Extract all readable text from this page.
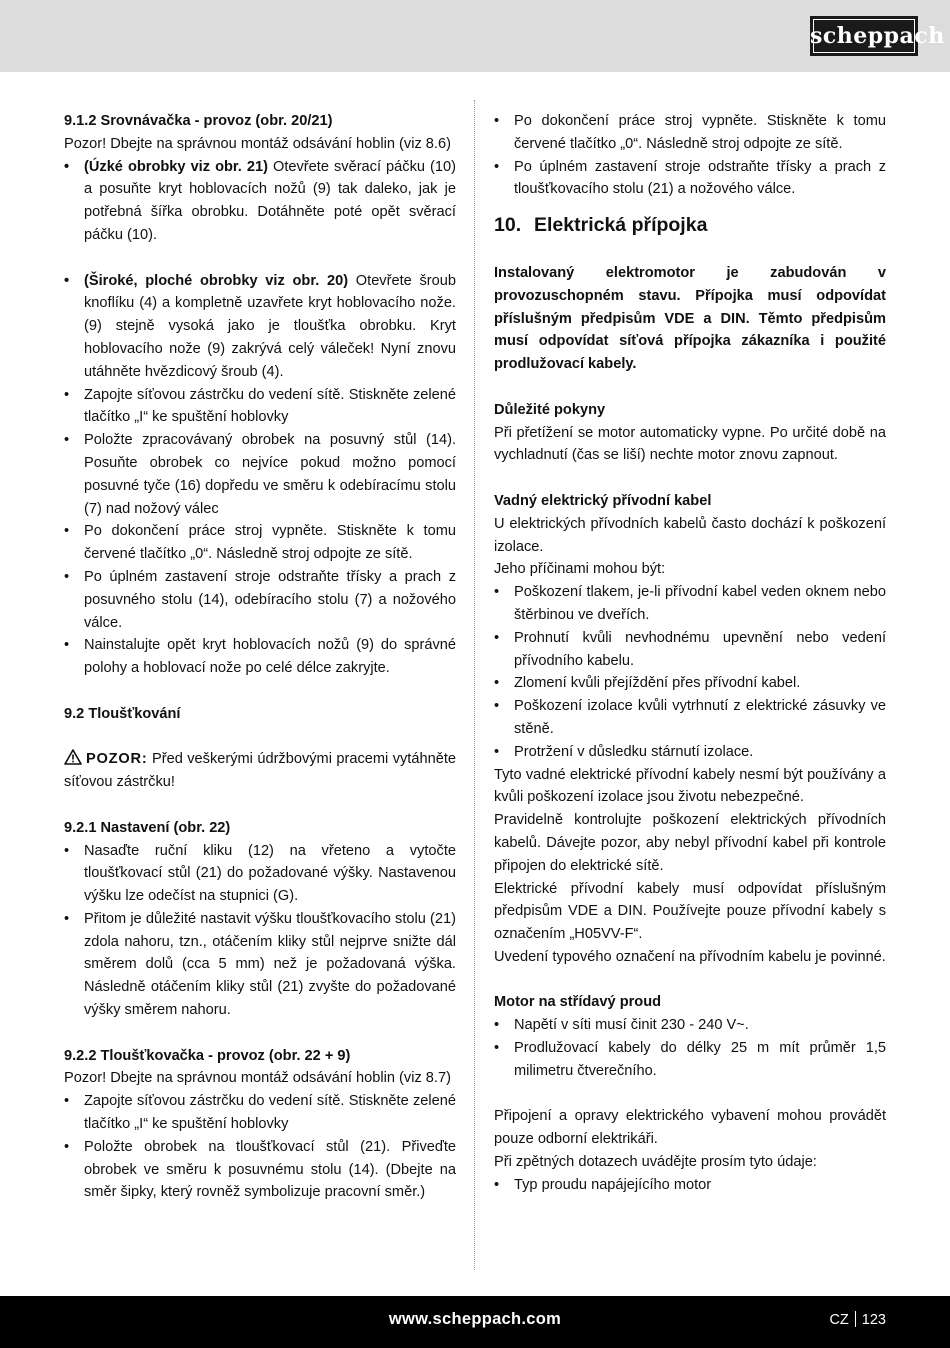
scheppach

9.1.2 Srovnávačka - provoz (obr. 20/21)

Pozor! Dbejte na správnou montáž odsávání hoblin (viz 8.6)

• (Úzké obrobky viz obr. 21) Otevřete svěrací páčku (10) a posuňte kryt hoblovacích nožů (9) tak daleko, jak je potřebná šířka obrobku. Dotáhněte poté opět svěrací páčku (10).
• (Široké, ploché obrobky viz obr. 20) Otevřete šroub knoflíku (4) a kompletně uzavřete kryt hoblovacího nože. (9) stejně vysoká jako je tloušťka obrobku. Kryt hoblovacího nože (9) zakrývá celý váleček! Nyní znovu utáhněte hvězdicový šroub (4).
• Zapojte síťovou zástrčku do vedení sítě. Stiskněte zelené tlačítko „I“ ke spuštění hoblovky
• Položte zpracovávaný obrobek na posuvný stůl (14). Posuňte obrobek co nejvíce pokud možno pomocí posuvné tyče (16) dopředu ve směru k odebíracímu stolu (7) nad nožový válec
• Po dokončení práce stroj vypněte. Stiskněte k tomu červené tlačítko „0“. Následně stroj odpojte ze sítě.
• Po úplném zastavení stroje odstraňte třísky a prach z posuvného stolu (14), odebíracího stolu (7) a nožového válce.
• Nainstalujte opět kryt hoblovacích nožů (9) do správné polohy a hoblovací nože po celé délce zakryjte.

9.2 Tloušťkování

POZOR: Před veškerými údržbovými pracemi vytáhněte síťovou zástrčku!

9.2.1 Nastavení (obr. 22)

• Nasaďte ruční kliku (12) na vřeteno a vytočte tloušťkovací stůl (21) do požadované výšky. Nastavenou výšku lze odečíst na stupnici (G).
• Přitom je důležité nastavit výšku tloušťkovacího stolu (21) zdola nahoru, tzn., otáčením kliky stůl nejprve snižte dál směrem dolů (cca 5 mm) než je požadovaná výška. Následně otáčením kliky stůl (21) zvyšte do požadované výšky směrem nahoru.

9.2.2 Tloušťkovačka - provoz (obr. 22 + 9)

Pozor! Dbejte na správnou montáž odsávání hoblin (viz 8.7)

• Zapojte síťovou zástrčku do vedení sítě. Stiskněte zelené tlačítko „I“ ke spuštění hoblovky
• Položte obrobek na tloušťkovací stůl (21). Přiveďte obrobek ve směru k posuvnému stolu (14). (Dbejte na směr šipky, který rovněž symbolizuje pracovní směr.)
• Po dokončení práce stroj vypněte. Stiskněte k tomu červené tlačítko „0“. Následně stroj odpojte ze sítě.
• Po úplném zastavení stroje odstraňte třísky a prach z tloušťkovacího stolu (21) a nožového válce.

10. Elektrická přípojka

Instalovaný elektromotor je zabudován v provozuschopném stavu. Přípojka musí odpovídat příslušným předpisům VDE a DIN. Těmto předpisům musí odpovídat síťová přípojka zákazníka i použité prodlužovací kabely.

Důležité pokyny

Při přetížení se motor automaticky vypne. Po určité době na vychladnutí (čas se liší) nechte motor znovu zapnout.

Vadný elektrický přívodní kabel

U elektrických přívodních kabelů často dochází k poškození izolace.

Jeho příčinami mohou být:

• Poškození tlakem, je-li přívodní kabel veden oknem nebo štěrbinou ve dveřích.
• Prohnutí kvůli nevhodnému upevnění nebo vedení přívodního kabelu.
• Zlomení kvůli přejíždění přes přívodní kabel.
• Poškození izolace kvůli vytrhnutí z elektrické zásuvky ve stěně.
• Protržení v důsledku stárnutí izolace.

Tyto vadné elektrické přívodní kabely nesmí být používány a kvůli poškození izolace jsou životu nebezpečné.

Pravidelně kontrolujte poškození elektrických přívodních kabelů. Dávejte pozor, aby nebyl přívodní kabel při kontrole připojen do elektrické sítě.

Elektrické přívodní kabely musí odpovídat příslušným předpisům VDE a DIN. Používejte pouze přívodní kabely s označením „H05VV-F“.

Uvedení typového označení na přívodním kabelu je povinné.

Motor na střídavý proud

• Napětí v síti musí činit 230 - 240 V~.
• Prodlužovací kabely do délky 25 m mít průměr 1,5 milimetru čtverečního.

Připojení a opravy elektrického vybavení mohou provádět pouze odborní elektrikáři.

Při zpětných dotazech uvádějte prosím tyto údaje:

• Typ proudu napájejícího motor
www.scheppach.com	CZ 123
